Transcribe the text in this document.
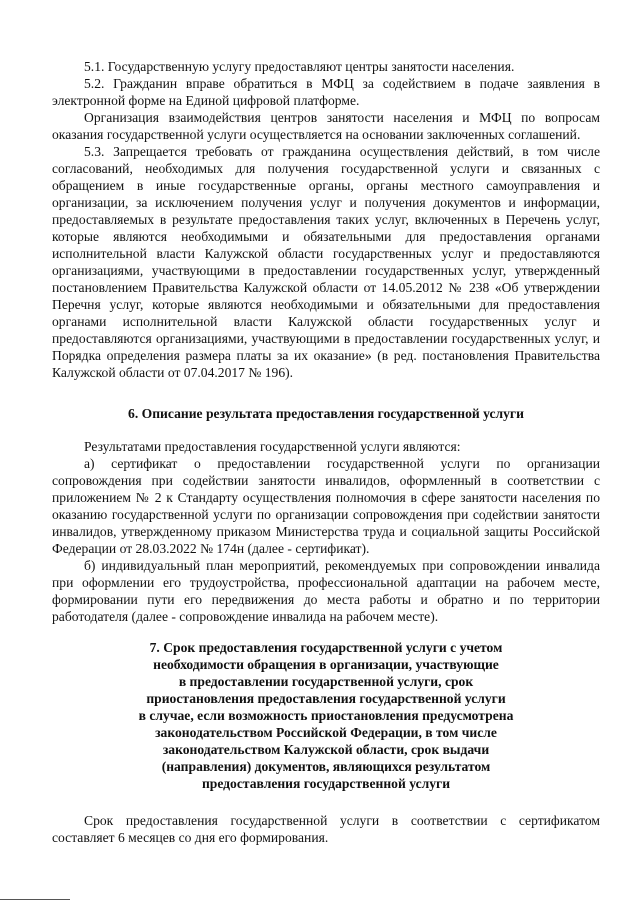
5.1. Государственную услугу предоставляют центры занятости населения.

5.2. Гражданин вправе обратиться в МФЦ за содействием в подаче заявления в электронной форме на Единой цифровой платформе.

Организация взаимодействия центров занятости населения и МФЦ по вопросам оказания государственной услуги осуществляется на основании заключенных соглашений.

5.3. Запрещается требовать от гражданина осуществления действий, в том числе согласований, необходимых для получения государственной услуги и связанных с обращением в иные государственные органы, органы местного самоуправления и организации, за исключением получения услуг и получения документов и информации, предоставляемых в результате предоставления таких услуг, включенных в Перечень услуг, которые являются необходимыми и обязательными для предоставления органами исполнительной власти Калужской области государственных услуг и предоставляются организациями, участвующими в предоставлении государственных услуг, утвержденный постановлением Правительства Калужской области от 14.05.2012 № 238 «Об утверждении Перечня услуг, которые являются необходимыми и обязательными для предоставления органами исполнительной власти Калужской области государственных услуг и предоставляются организациями, участвующими в предоставлении государственных услуг, и Порядка определения размера платы за их оказание» (в ред. постановления Правительства Калужской области от 07.04.2017 № 196).

6. Описание результата предоставления государственной услуги

Результатами предоставления государственной услуги являются:

а) сертификат о предоставлении государственной услуги по организации сопровождения при содействии занятости инвалидов, оформленный в соответствии с приложением № 2 к Стандарту осуществления полномочия в сфере занятости населения по оказанию государственной услуги по организации сопровождения при содействии занятости инвалидов, утвержденному приказом Министерства труда и социальной защиты Российской Федерации от 28.03.2022 № 174н (далее - сертификат).

б) индивидуальный план мероприятий, рекомендуемых при сопровождении инвалида при оформлении его трудоустройства, профессиональной адаптации на рабочем месте, формировании пути его передвижения до места работы и обратно и по территории работодателя (далее - сопровождение инвалида на рабочем месте).

7. Срок предоставления государственной услуги с учетом
необходимости обращения в организации, участвующие
в предоставлении государственной услуги, срок
приостановления предоставления государственной услуги
в случае, если возможность приостановления предусмотрена
законодательством Российской Федерации, в том числе
законодательством Калужской области, срок выдачи
(направления) документов, являющихся результатом
предоставления государственной услуги

Срок предоставления государственной услуги в соответствии с сертификатом составляет 6 месяцев со дня его формирования.
